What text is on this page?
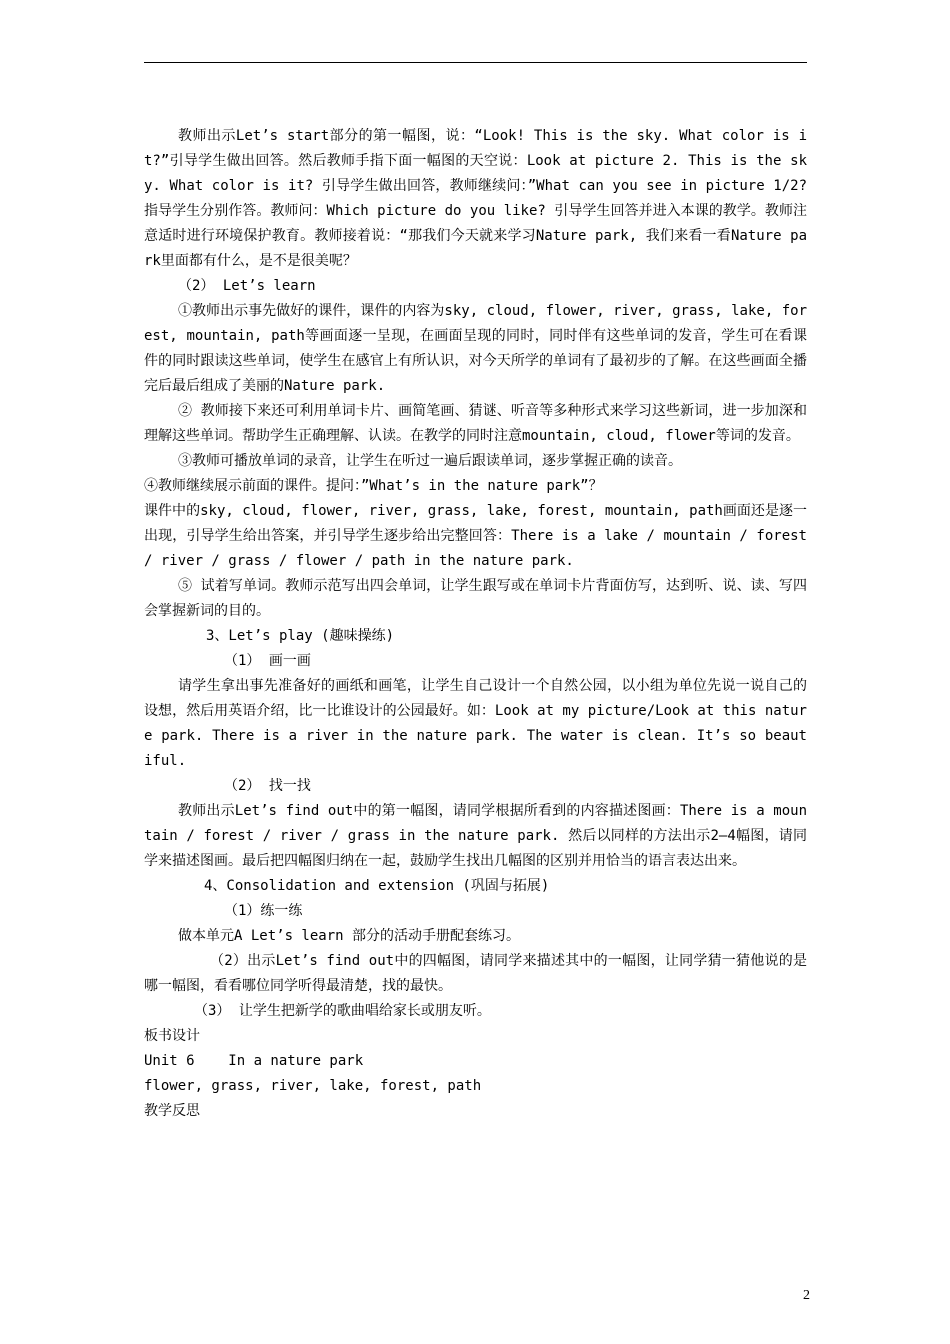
教师出示Let’s start部分的第一幅图，说：“Look! This is the sky. What color is it?”引导学生做出回答。然后教师手指下面一幅图的天空说：Look at picture 2. This is the sky. What color is it? 引导学生做出回答，教师继续问：”What can you see in picture 1/2? 指导学生分别作答。教师问：Which picture do you like? 引导学生回答并进入本课的教学。教师注意适时进行环境保护教育。教师接着说：“那我们今天就来学习Nature park, 我们来看一看Nature park里面都有什么，是不是很美呢？

（2） Let’s learn

①教师出示事先做好的课件，课件的内容为sky, cloud, flower, river, grass, lake, forest, mountain, path等画面逐一呈现，在画面呈现的同时，同时伴有这些单词的发音，学生可在看课件的同时跟读这些单词，使学生在感官上有所认识，对今天所学的单词有了最初步的了解。在这些画面全播完后最后组成了美丽的Nature park.

② 教师接下来还可利用单词卡片、画简笔画、猜谜、听音等多种形式来学习这些新词，进一步加深和理解这些单词。帮助学生正确理解、认读。在教学的同时注意mountain, cloud, flower等词的发音。

③教师可播放单词的录音，让学生在听过一遍后跟读单词，逐步掌握正确的读音。

④教师继续展示前面的课件。提问：”What’s in the nature park”？

课件中的sky, cloud, flower, river, grass, lake, forest, mountain, path画面还是逐一出现，引导学生给出答案，并引导学生逐步给出完整回答：There is a lake / mountain / forest / river / grass / flower / path in the nature park.

⑤ 试着写单词。教师示范写出四会单词，让学生跟写或在单词卡片背面仿写，达到听、说、读、写四会掌握新词的目的。

3、Let’s play (趣味操练)

（1） 画一画

请学生拿出事先准备好的画纸和画笔，让学生自己设计一个自然公园，以小组为单位先说一说自己的设想，然后用英语介绍，比一比谁设计的公园最好。如：Look at my picture/Look at this nature park. There is a river in the nature park. The water is clean. It’s so beautiful.

（2） 找一找

教师出示Let’s find out中的第一幅图，请同学根据所看到的内容描述图画：There is a mountain / forest / river / grass in the nature park. 然后以同样的方法出示2—4幅图，请同学来描述图画。最后把四幅图归纳在一起，鼓励学生找出几幅图的区别并用恰当的语言表达出来。

4、Consolidation and extension (巩固与拓展)

（1）练一练

做本单元A Let’s learn 部分的活动手册配套练习。

（2）出示Let’s find out中的四幅图，请同学来描述其中的一幅图，让同学猜一猜他说的是哪一幅图，看看哪位同学听得最清楚，找的最快。

（3） 让学生把新学的歌曲唱给家长或朋友听。

板书设计

Unit 6    In a nature park

flower, grass, river, lake, forest, path

教学反思

2
